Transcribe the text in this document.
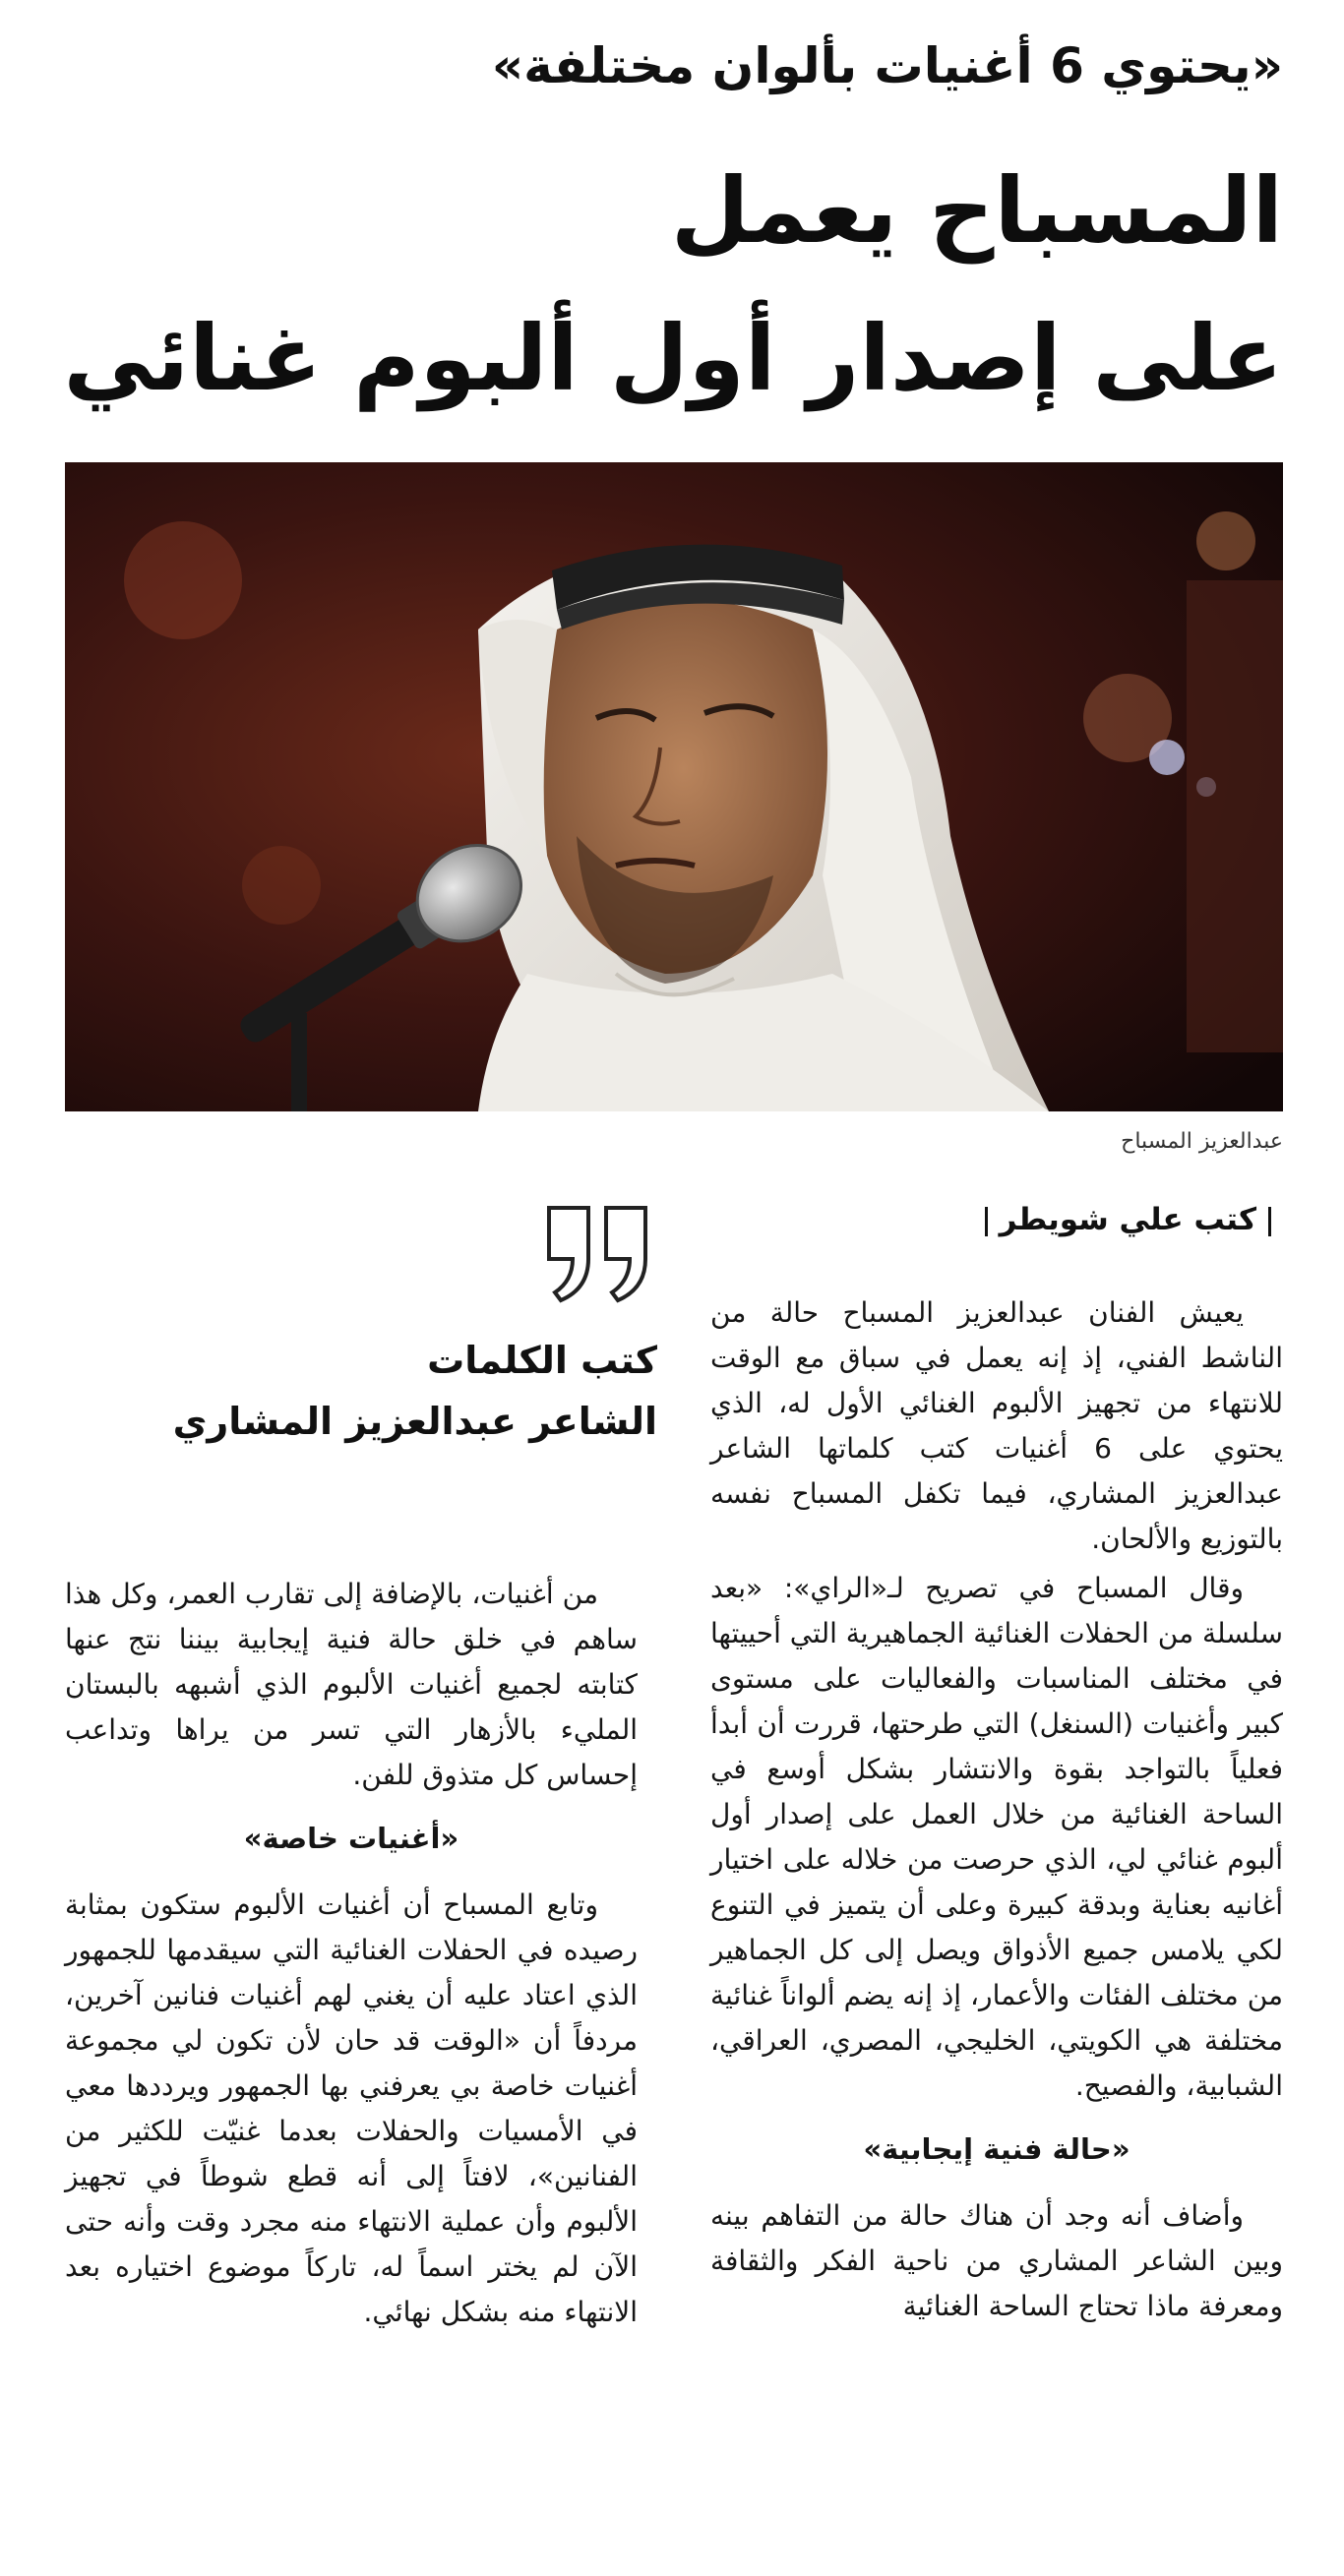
«يحتوي 6 أغنيات بألوان مختلفة»
المسباح يعمل
على إصدار أول ألبوم غنائي
عبدالعزيز المسباح
كتب علي شويطر
كتب الكلمات
الشاعر عبدالعزيز المشاري

يعيش الفنان عبدالعزيز المسباح حالة من الناشط الفني، إذ إنه يعمل في سباق مع الوقت للانتهاء من تجهيز الألبوم الغنائي الأول له، الذي يحتوي على 6 أغنيات كتب كلماتها الشاعر عبدالعزيز المشاري، فيما تكفل المسباح نفسه بالتوزيع والألحان.

وقال المسباح في تصريح لـ«الراي»: «بعد سلسلة من الحفلات الغنائية الجماهيرية التي أحييتها في مختلف المناسبات والفعاليات على مستوى كبير وأغنيات (السنغل) التي طرحتها، قررت أن أبدأ فعلياً بالتواجد بقوة والانتشار بشكل أوسع في الساحة الغنائية من خلال العمل على إصدار أول ألبوم غنائي لي، الذي حرصت من خلاله على اختيار أغانيه بعناية وبدقة كبيرة وعلى أن يتميز في التنوع لكي يلامس جميع الأذواق ويصل إلى كل الجماهير من مختلف الفئات والأعمار، إذ إنه يضم ألواناً غنائية مختلفة هي الكويتي، الخليجي، المصري، العراقي، الشبابية، والفصيح.

«حالة فنية إيجابية»

وأضاف أنه وجد أن هناك حالة من التفاهم بينه وبين الشاعر المشاري من ناحية الفكر والثقافة ومعرفة ماذا تحتاج الساحة الغنائية

من أغنيات، بالإضافة إلى تقارب العمر، وكل هذا ساهم في خلق حالة فنية إيجابية بيننا نتج عنها كتابته لجميع أغنيات الألبوم الذي أشبهه بالبستان المليء بالأزهار التي تسر من يراها وتداعب إحساس كل متذوق للفن.

«أغنيات خاصة»

وتابع المسباح أن أغنيات الألبوم ستكون بمثابة رصيده في الحفلات الغنائية التي سيقدمها للجمهور الذي اعتاد عليه أن يغني لهم أغنيات فنانين آخرين، مردفاً أن «الوقت قد حان لأن تكون لي مجموعة أغنيات خاصة بي يعرفني بها الجمهور ويرددها معي في الأمسيات والحفلات بعدما غنيّت للكثير من الفنانين»، لافتاً إلى أنه قطع شوطاً في تجهيز الألبوم وأن عملية الانتهاء منه مجرد وقت وأنه حتى الآن لم يختر اسماً له، تاركاً موضوع اختياره بعد الانتهاء منه بشكل نهائي.
